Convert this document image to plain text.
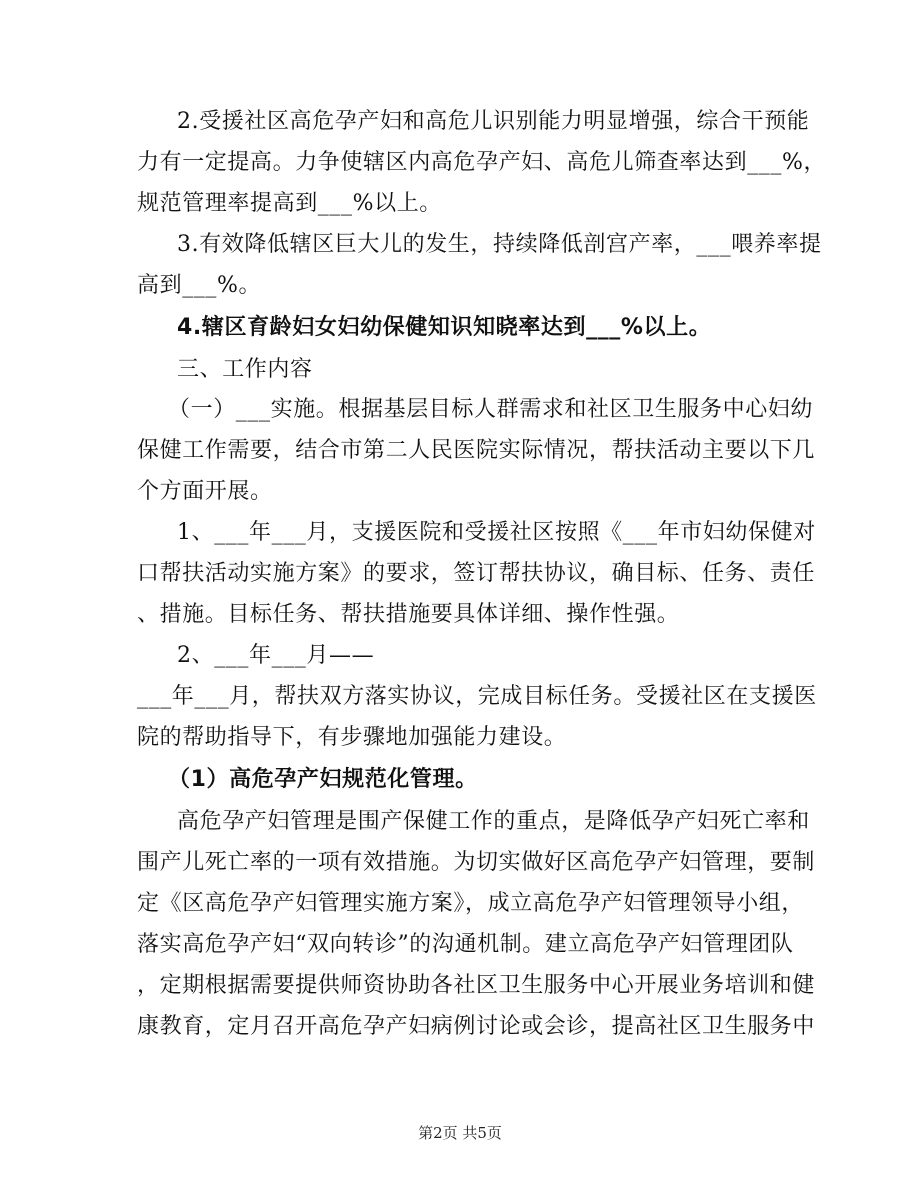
2.受援社区高危孕产妇和高危儿识别能力明显增强，综合干预能
力有一定提高。力争使辖区内高危孕产妇、高危儿筛查率达到___%，
规范管理率提高到___%以上。
3.有效降低辖区巨大儿的发生，持续降低剖宫产率，___喂养率提
高到___%。
4.辖区育龄妇女妇幼保健知识知晓率达到___%以上。
三、工作内容
（一）___实施。根据基层目标人群需求和社区卫生服务中心妇幼
保健工作需要，结合市第二人民医院实际情况，帮扶活动主要以下几
个方面开展。
1、___年___月，支援医院和受援社区按照《___年市妇幼保健对
口帮扶活动实施方案》的要求，签订帮扶协议，确目标、任务、责任
、措施。目标任务、帮扶措施要具体详细、操作性强。
2、___年___月——
___年___月，帮扶双方落实协议，完成目标任务。受援社区在支援医
院的帮助指导下，有步骤地加强能力建设。
（1）高危孕产妇规范化管理。
高危孕产妇管理是围产保健工作的重点，是降低孕产妇死亡率和
围产儿死亡率的一项有效措施。为切实做好区高危孕产妇管理，要制
定《区高危孕产妇管理实施方案》，成立高危孕产妇管理领导小组，
落实高危孕产妇“双向转诊”的沟通机制。建立高危孕产妇管理团队
，定期根据需要提供师资协助各社区卫生服务中心开展业务培训和健
康教育，定月召开高危孕产妇病例讨论或会诊，提高社区卫生服务中
第2页 共5页
